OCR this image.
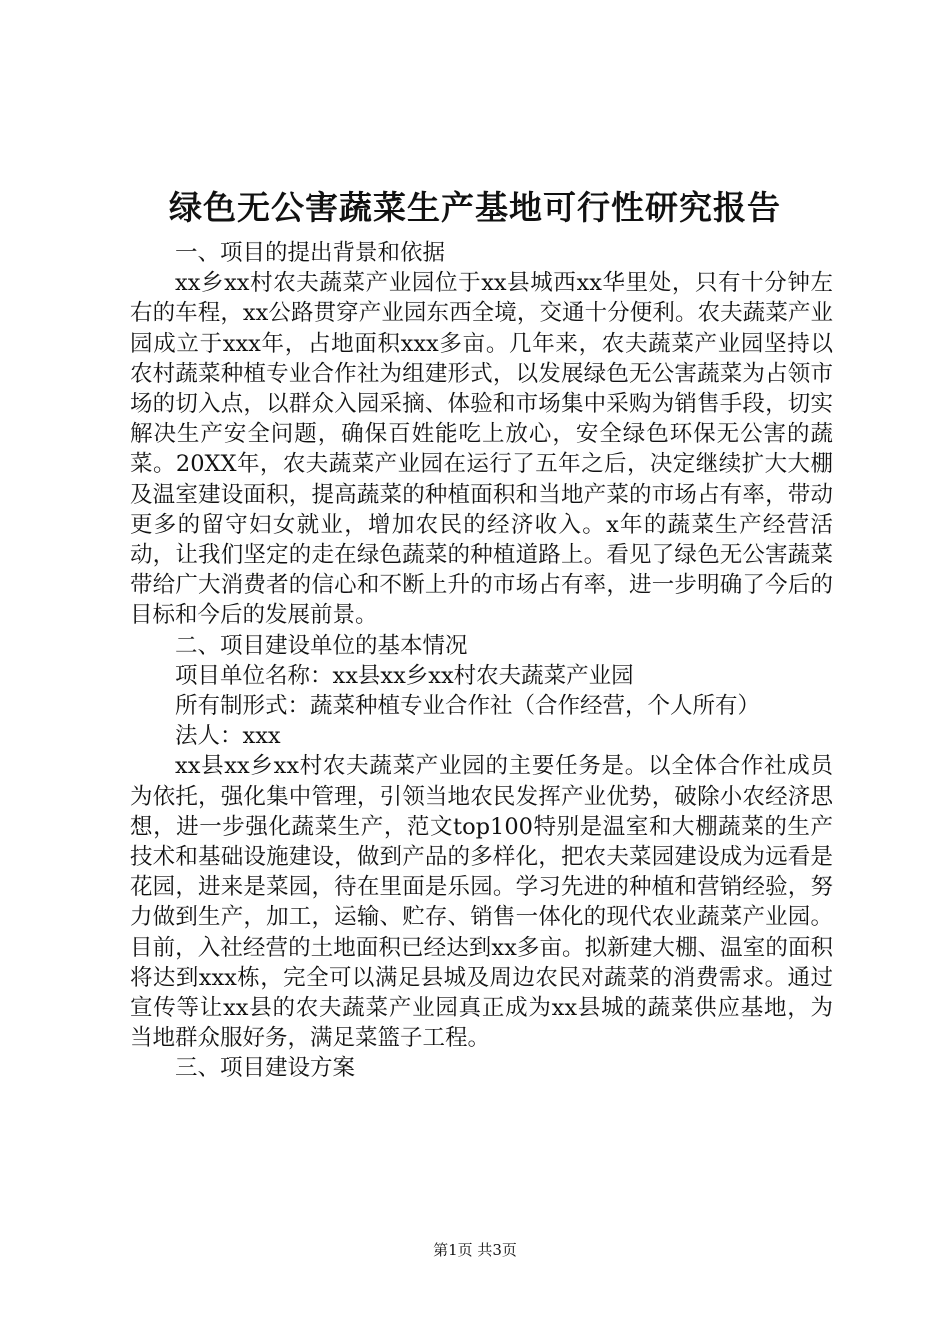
绿色无公害蔬菜生产基地可行性研究报告

一、项目的提出背景和依据

xx乡xx村农夫蔬菜产业园位于xx县城西xx华里处，只有十分钟左右的车程，xx公路贯穿产业园东西全境，交通十分便利。农夫蔬菜产业园成立于xxx年，占地面积xxx多亩。几年来，农夫蔬菜产业园坚持以农村蔬菜种植专业合作社为组建形式，以发展绿色无公害蔬菜为占领市场的切入点，以群众入园采摘、体验和市场集中采购为销售手段，切实解决生产安全问题，确保百姓能吃上放心，安全绿色环保无公害的蔬菜。20XX年，农夫蔬菜产业园在运行了五年之后，决定继续扩大大棚及温室建设面积，提高蔬菜的种植面积和当地产菜的市场占有率，带动更多的留守妇女就业，增加农民的经济收入。x年的蔬菜生产经营活动，让我们坚定的走在绿色蔬菜的种植道路上。看见了绿色无公害蔬菜带给广大消费者的信心和不断上升的市场占有率，进一步明确了今后的目标和今后的发展前景。

二、项目建设单位的基本情况

项目单位名称：xx县xx乡xx村农夫蔬菜产业园

所有制形式：蔬菜种植专业合作社（合作经营，个人所有）

法人：xxx

xx县xx乡xx村农夫蔬菜产业园的主要任务是。以全体合作社成员为依托，强化集中管理，引领当地农民发挥产业优势，破除小农经济思想，进一步强化蔬菜生产，范文top100特别是温室和大棚蔬菜的生产技术和基础设施建设，做到产品的多样化，把农夫菜园建设成为远看是花园，进来是菜园，待在里面是乐园。学习先进的种植和营销经验，努力做到生产，加工，运输、贮存、销售一体化的现代农业蔬菜产业园。目前，入社经营的土地面积已经达到xx多亩。拟新建大棚、温室的面积将达到xxx栋，完全可以满足县城及周边农民对蔬菜的消费需求。通过宣传等让xx县的农夫蔬菜产业园真正成为xx县城的蔬菜供应基地，为当地群众服好务，满足菜篮子工程。

三、项目建设方案

第1页 共3页
